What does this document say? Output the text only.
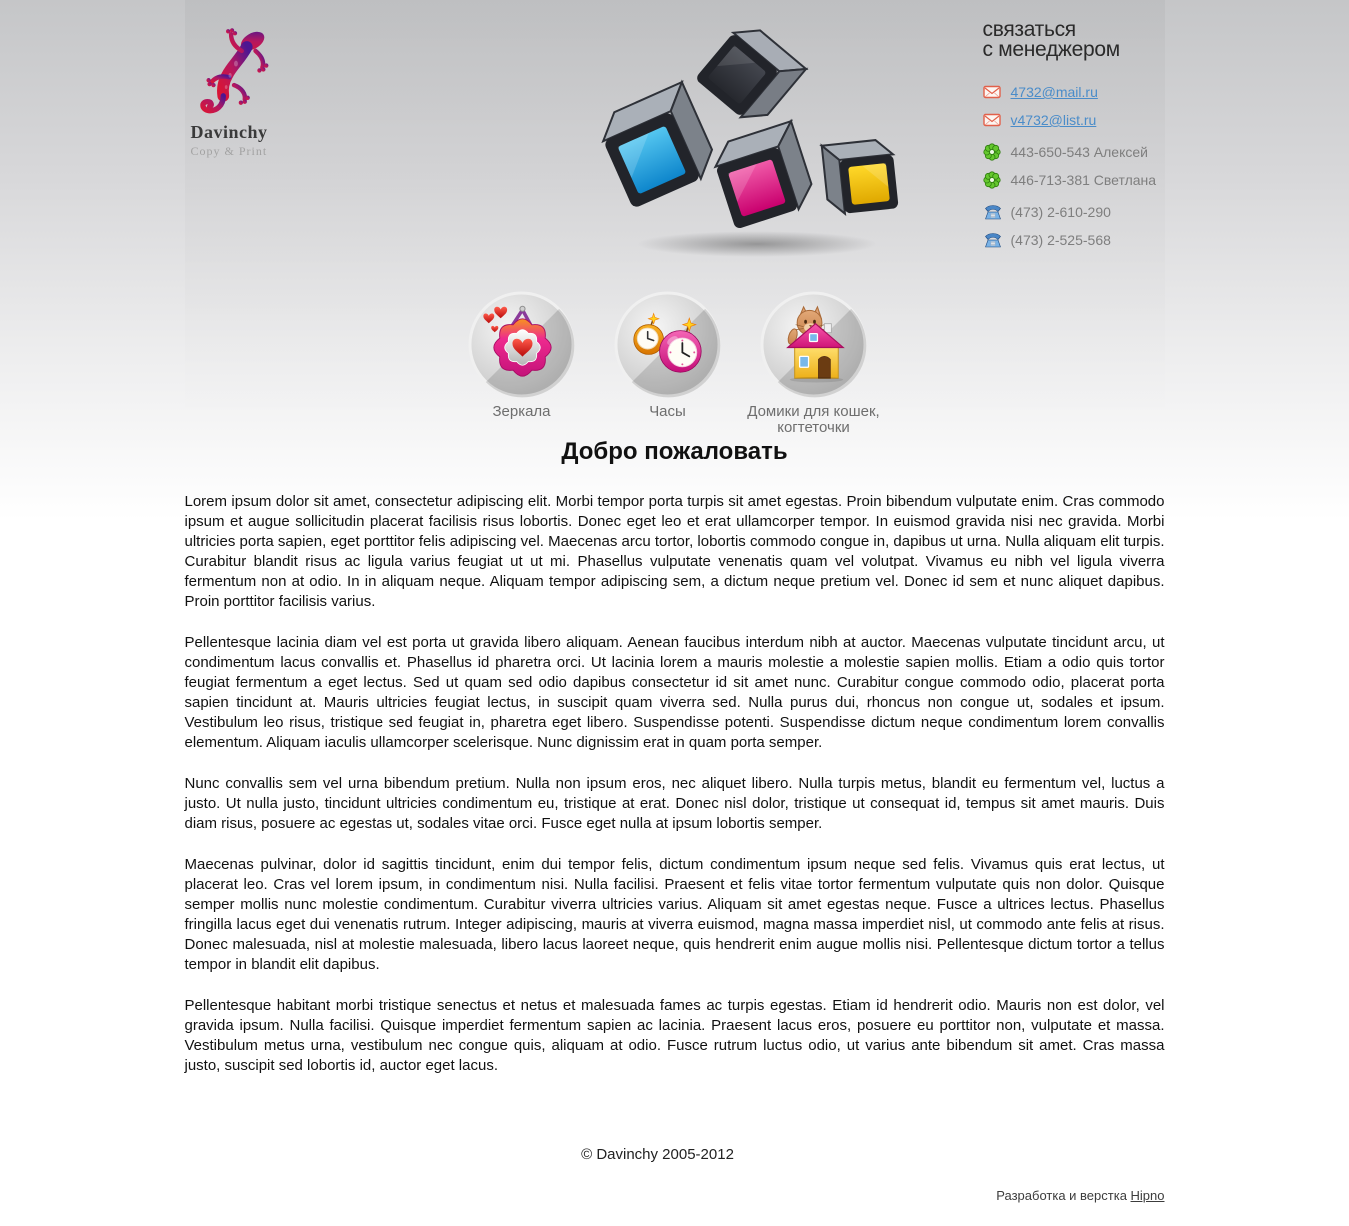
Davinchy
Copy & Print
связаться
с менеджером
4732@mail.ru
v4732@list.ru
443-650-543 Алексей
446-713-381 Светлана
(473) 2-610-290
(473) 2-525-568
Зеркала	Часы	Домики для кошек, когтеточки
Добро пожаловать

Lorem ipsum dolor sit amet, consectetur adipiscing elit. Morbi tempor porta turpis sit amet egestas. Proin bibendum vulputate enim. Cras commodo ipsum et augue sollicitudin placerat facilisis risus lobortis. Donec eget leo et erat ullamcorper tempor. In euismod gravida nisi nec gravida. Morbi ultricies porta sapien, eget porttitor felis adipiscing vel. Maecenas arcu tortor, lobortis commodo congue in, dapibus ut urna. Nulla aliquam elit turpis. Curabitur blandit risus ac ligula varius feugiat ut ut mi. Phasellus vulputate venenatis quam vel volutpat. Vivamus eu nibh vel ligula viverra fermentum non at odio. In in aliquam neque. Aliquam tempor adipiscing sem, a dictum neque pretium vel. Donec id sem et nunc aliquet dapibus. Proin porttitor facilisis varius.

Pellentesque lacinia diam vel est porta ut gravida libero aliquam. Aenean faucibus interdum nibh at auctor. Maecenas vulputate tincidunt arcu, ut condimentum lacus convallis et. Phasellus id pharetra orci. Ut lacinia lorem a mauris molestie a molestie sapien mollis. Etiam a odio quis tortor feugiat fermentum a eget lectus. Sed ut quam sed odio dapibus consectetur id sit amet nunc. Curabitur congue commodo odio, placerat porta sapien tincidunt at. Mauris ultricies feugiat lectus, in suscipit quam viverra sed. Nulla purus dui, rhoncus non congue ut, sodales et ipsum. Vestibulum leo risus, tristique sed feugiat in, pharetra eget libero. Suspendisse potenti. Suspendisse dictum neque condimentum lorem convallis elementum. Aliquam iaculis ullamcorper scelerisque. Nunc dignissim erat in quam porta semper.

Nunc convallis sem vel urna bibendum pretium. Nulla non ipsum eros, nec aliquet libero. Nulla turpis metus, blandit eu fermentum vel, luctus a justo. Ut nulla justo, tincidunt ultricies condimentum eu, tristique at erat. Donec nisl dolor, tristique ut consequat id, tempus sit amet mauris. Duis diam risus, posuere ac egestas ut, sodales vitae orci. Fusce eget nulla at ipsum lobortis semper.

Maecenas pulvinar, dolor id sagittis tincidunt, enim dui tempor felis, dictum condimentum ipsum neque sed felis. Vivamus quis erat lectus, ut placerat leo. Cras vel lorem ipsum, in condimentum nisi. Nulla facilisi. Praesent et felis vitae tortor fermentum vulputate quis non dolor. Quisque semper mollis nunc molestie condimentum. Curabitur viverra ultricies varius. Aliquam sit amet egestas neque. Fusce a ultrices lectus. Phasellus fringilla lacus eget dui venenatis rutrum. Integer adipiscing, mauris at viverra euismod, magna massa imperdiet nisl, ut commodo ante felis at risus. Donec malesuada, nisl at molestie malesuada, libero lacus laoreet neque, quis hendrerit enim augue mollis nisi. Pellentesque dictum tortor a tellus tempor in blandit elit dapibus.

Pellentesque habitant morbi tristique senectus et netus et malesuada fames ac turpis egestas. Etiam id hendrerit odio. Mauris non est dolor, vel gravida ipsum. Nulla facilisi. Quisque imperdiet fermentum sapien ac lacinia. Praesent lacus eros, posuere eu porttitor non, vulputate et massa. Vestibulum metus urna, vestibulum nec congue quis, aliquam at odio. Fusce rutrum luctus odio, ut varius ante bibendum sit amet. Cras massa justo, suscipit sed lobortis id, auctor eget lacus.

© Davinchy 2005-2012
Разработка и верстка Hipno
